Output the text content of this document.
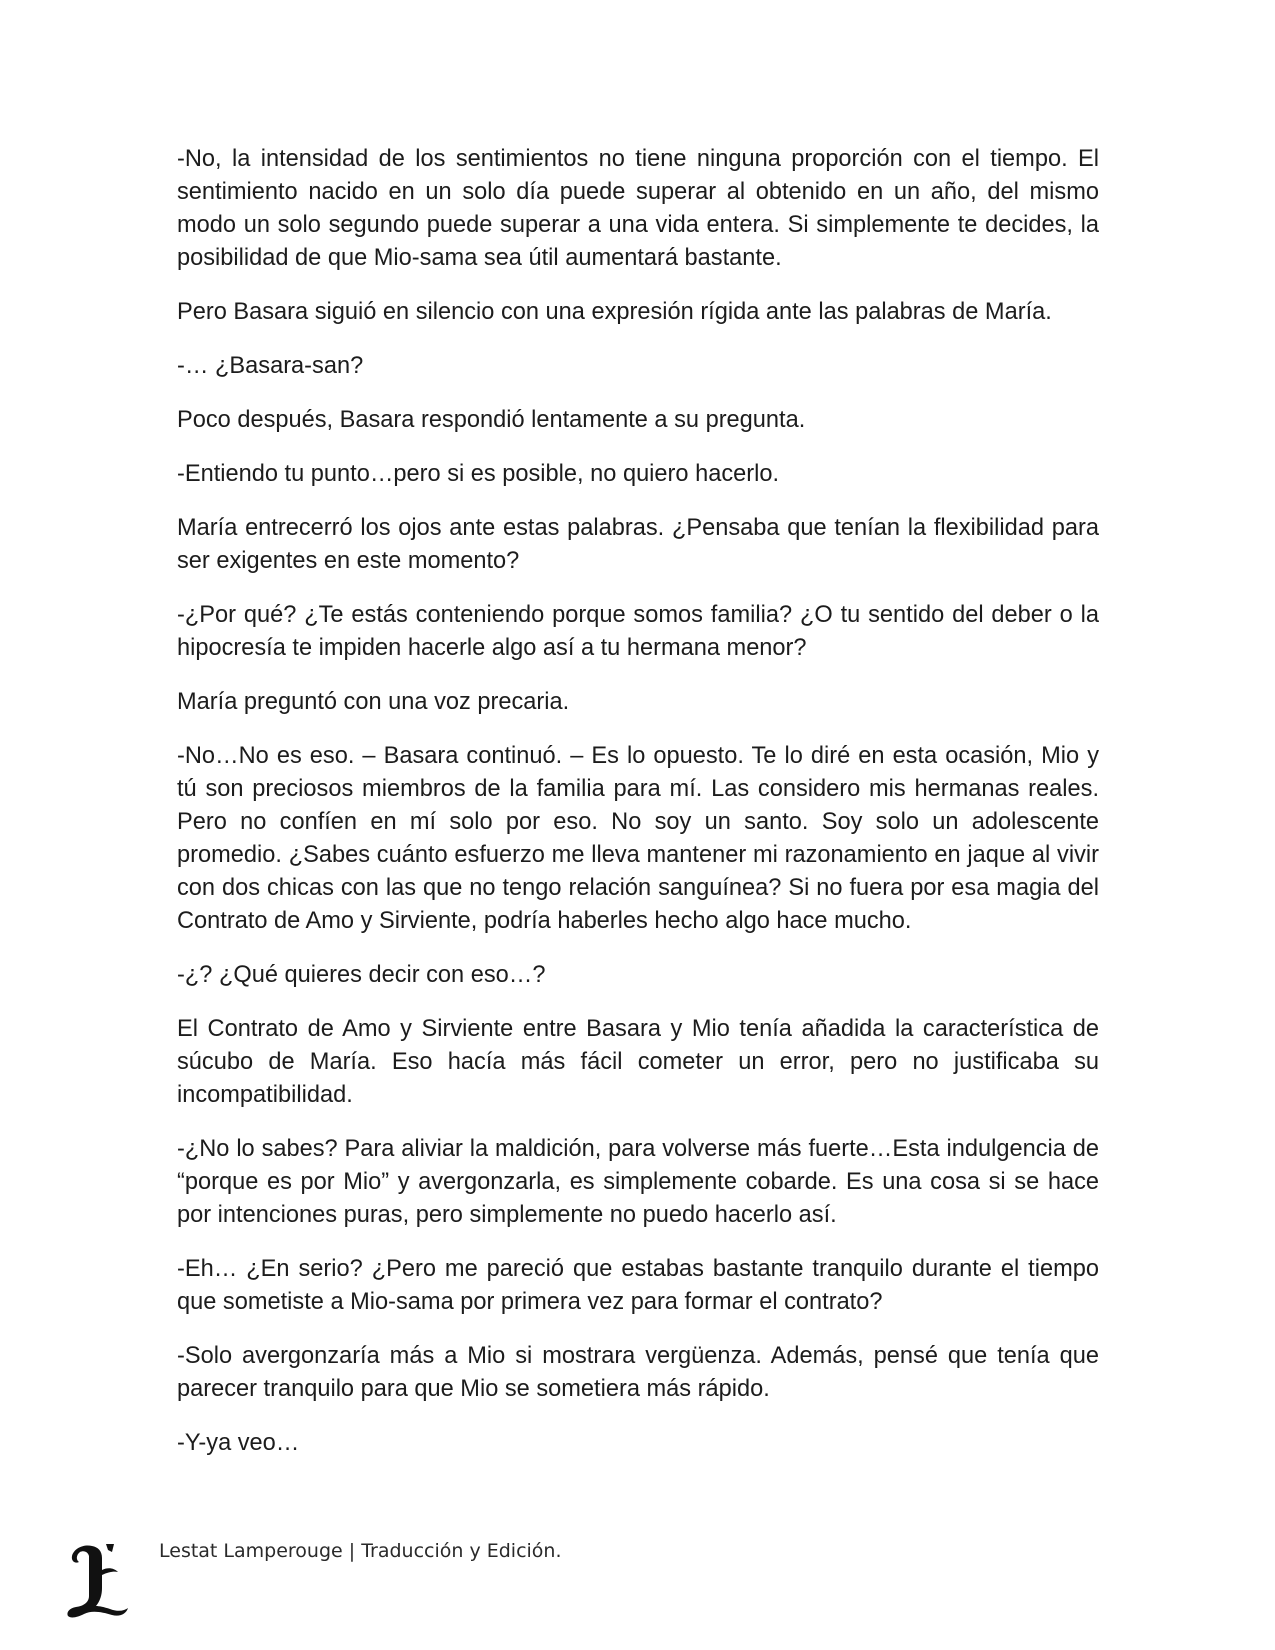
-No, la intensidad de los sentimientos no tiene ninguna proporción con el tiempo. El sentimiento nacido en un solo día puede superar al obtenido en un año, del mismo modo un solo segundo puede superar a una vida entera. Si simplemente te decides, la posibilidad de que Mio-sama sea útil aumentará bastante.

Pero Basara siguió en silencio con una expresión rígida ante las palabras de María.

-… ¿Basara-san?

Poco después, Basara respondió lentamente a su pregunta.

-Entiendo tu punto…pero si es posible, no quiero hacerlo.

María entrecerró los ojos ante estas palabras. ¿Pensaba que tenían la flexibilidad para ser exigentes en este momento?

-¿Por qué? ¿Te estás conteniendo porque somos familia? ¿O tu sentido del deber o la hipocresía te impiden hacerle algo así a tu hermana menor?

María preguntó con una voz precaria.

-No…No es eso. – Basara continuó. – Es lo opuesto. Te lo diré en esta ocasión, Mio y tú son preciosos miembros de la familia para mí. Las considero mis hermanas reales. Pero no confíen en mí solo por eso. No soy un santo. Soy solo un adolescente promedio. ¿Sabes cuánto esfuerzo me lleva mantener mi razonamiento en jaque al vivir con dos chicas con las que no tengo relación sanguínea? Si no fuera por esa magia del Contrato de Amo y Sirviente, podría haberles hecho algo hace mucho.

-¿? ¿Qué quieres decir con eso…?

El Contrato de Amo y Sirviente entre Basara y Mio tenía añadida la característica de súcubo de María. Eso hacía más fácil cometer un error, pero no justificaba su incompatibilidad.

-¿No lo sabes? Para aliviar la maldición, para volverse más fuerte…Esta indulgencia de “porque es por Mio” y avergonzarla, es simplemente cobarde. Es una cosa si se hace por intenciones puras, pero simplemente no puedo hacerlo así.

-Eh… ¿En serio? ¿Pero me pareció que estabas bastante tranquilo durante el tiempo que sometiste a Mio-sama por primera vez para formar el contrato?

-Solo avergonzaría más a Mio si mostrara vergüenza. Además, pensé que tenía que parecer tranquilo para que Mio se sometiera más rápido.

-Y-ya veo…

Lestat Lamperouge | Traducción y Edición.
